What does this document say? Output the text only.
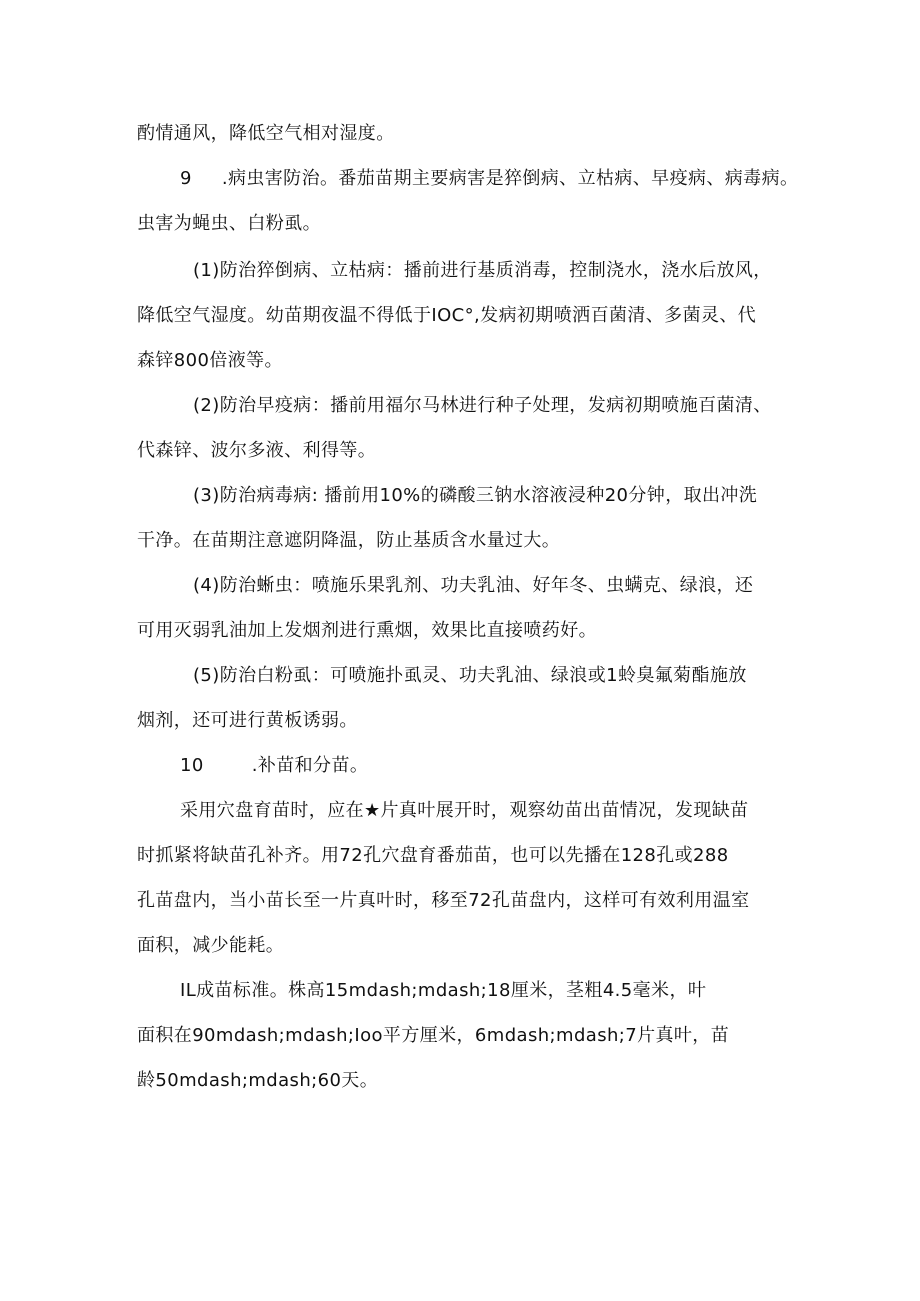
酌情通风，降低空气相对湿度。
9 .病虫害防治。番茄苗期主要病害是猝倒病、立枯病、早疫病、病毒病。
虫害为蝇虫、白粉虱。
(1)防治猝倒病、立枯病：播前进行基质消毒，控制浇水，浇水后放风，
降低空气湿度。幼苗期夜温不得低于IOC°,发病初期喷洒百菌清、多菌灵、代
森锌800倍液等。
(2)防治早疫病：播前用福尔马林进行种子处理，发病初期喷施百菌清、
代森锌、波尔多液、利得等。
(3)防治病毒病: 播前用10%的磷酸三钠水溶液浸种20分钟，取出冲洗
干净。在苗期注意遮阴降温，防止基质含水量过大。
(4)防治蜥虫：喷施乐果乳剂、功夫乳油、好年冬、虫螨克、绿浪，还
可用灭弱乳油加上发烟剂进行熏烟，效果比直接喷药好。
(5)防治白粉虱：可喷施扑虱灵、功夫乳油、绿浪或1蛉臭氟菊酯施放
烟剂，还可进行黄板诱弱。
10	.补苗和分苗。
采用穴盘育苗时，应在★片真叶展开时，观察幼苗出苗情况，发现缺苗
时抓紧将缺苗孔补齐。用72孔穴盘育番茄苗，也可以先播在128孔或288
孔苗盘内，当小苗长至一片真叶时，移至72孔苗盘内，这样可有效利用温室
面积，减少能耗。
IL成苗标准。株高15mdash;mdash;18厘米，茎粗4.5毫米，叶
面积在90mdash;mdash;Ioo平方厘米，6mdash;mdash;7片真叶，苗
龄50mdash;mdash;60天。
